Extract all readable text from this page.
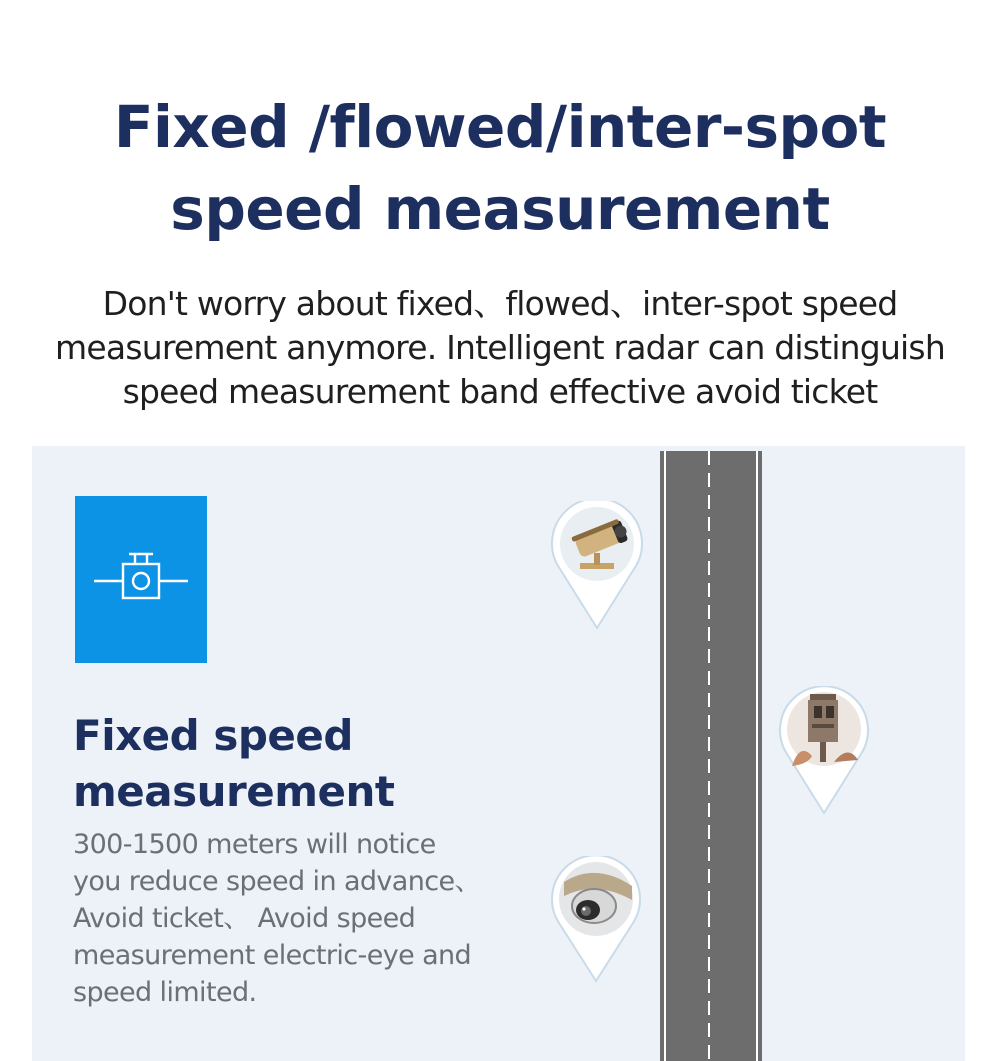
Fixed /flowed/inter-spot
speed measurement

Don't worry about fixed、flowed、inter-spot speed
measurement anymore. Intelligent radar can distinguish
speed measurement band effective avoid ticket

Fixed speed
measurement

300-1500 meters will notice
you reduce speed in advance、
Avoid ticket、 Avoid speed
measurement electric-eye and
speed limited.
